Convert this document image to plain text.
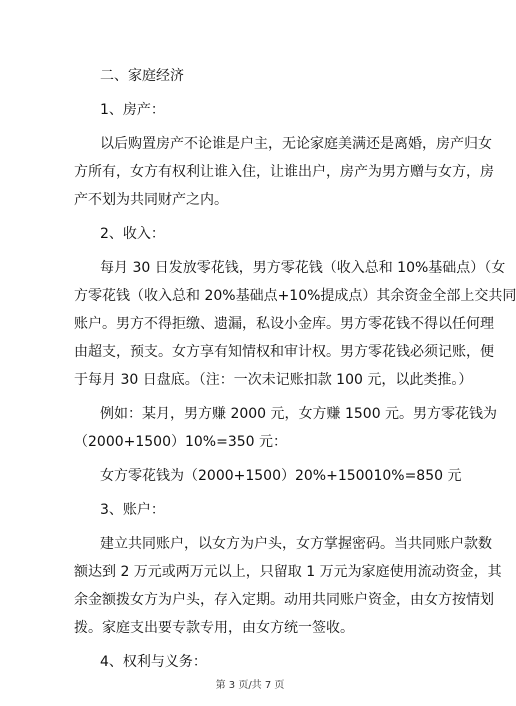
二、家庭经济
1、房产：
以后购置房产不论谁是户主，无论家庭美满还是离婚，房产归女
方所有，女方有权利让谁入住，让谁出户，房产为男方赠与女方，房
产不划为共同财产之内。
2、收入：
每月 30 日发放零花钱，男方零花钱（收入总和 10%基础点）（女
方零花钱（收入总和 20%基础点+10%提成点）其余资金全部上交共同
账户。男方不得拒缴、遗漏，私设小金库。男方零花钱不得以任何理
由超支，预支。女方享有知情权和审计权。男方零花钱必须记账，便
于每月 30 日盘底。（注：一次未记账扣款 100 元，以此类推。）
例如：某月，男方赚 2000 元，女方赚 1500 元。男方零花钱为
（2000+1500）10%=350 元：
女方零花钱为（2000+1500）20%+150010%=850 元
3、账户：
建立共同账户，以女方为户头，女方掌握密码。当共同账户款数
额达到 2 万元或两万元以上，只留取 1 万元为家庭使用流动资金，其
余金额拨女方为户头，存入定期。动用共同账户资金，由女方按情划
拨。家庭支出要专款专用，由女方统一签收。
4、权利与义务：
第 3 页/共 7 页
